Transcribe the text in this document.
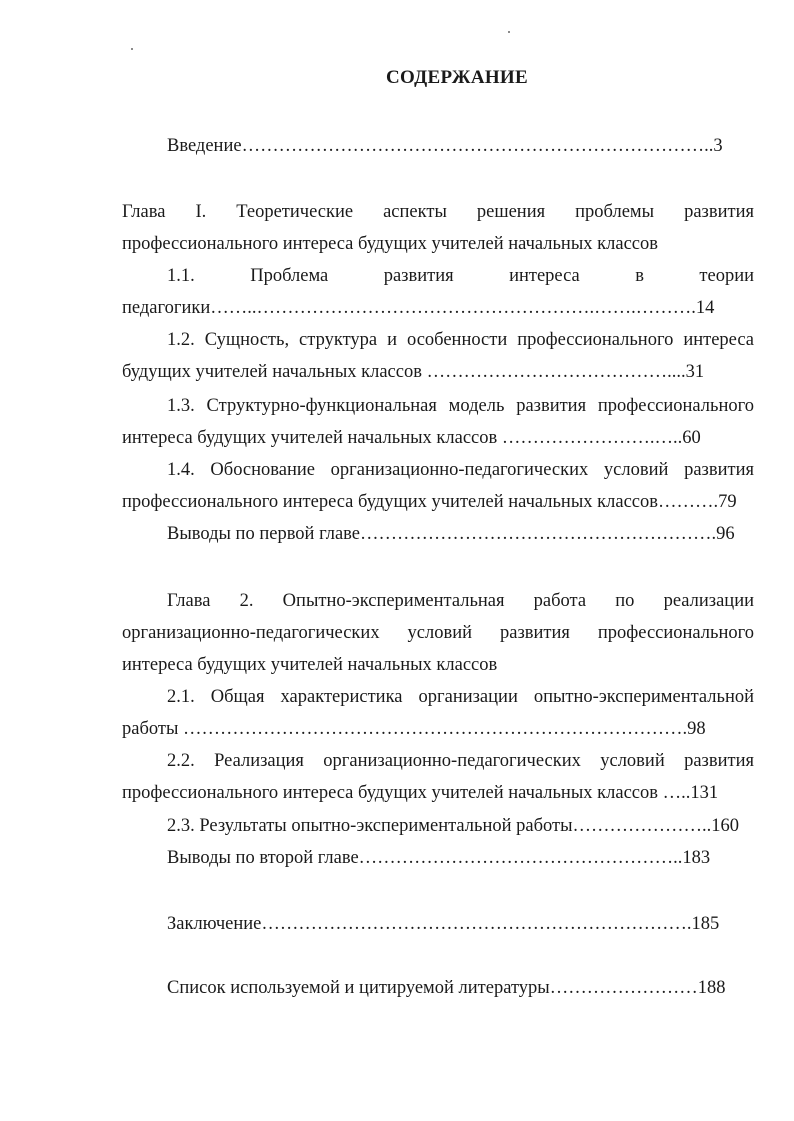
СОДЕРЖАНИЕ
Введение…………………………………………………………………..3
Глава I. Теоретические аспекты решения проблемы развития
профессионального интереса будущих учителей начальных классов
1.1. Проблема развития интереса в теории
педагогики……..……………………………………………….…….……….14
1.2. Сущность, структура и особенности профессионального интереса
будущих учителей начальных классов …………………………………....31
1.3. Структурно-функциональная модель развития профессионального
интереса будущих учителей начальных классов …………………….…..60
1.4. Обоснование организационно-педагогических условий развития
профессионального интереса будущих учителей начальных классов……….79
Выводы по первой главе………………………………………………….96
Глава 2. Опытно-экспериментальная работа по реализации
организационно-педагогических условий развития профессионального
интереса будущих учителей начальных классов
2.1. Общая характеристика организации опытно-экспериментальной
работы ……………………………………………………………………….98
2.2. Реализация организационно-педагогических условий развития
профессионального интереса будущих учителей начальных классов …..131
2.3. Результаты опытно-экспериментальной работы…………………..160
Выводы по второй главе……………………………………………..183
Заключение…………………………………………………………….185
Список используемой и цитируемой литературы……………………188
